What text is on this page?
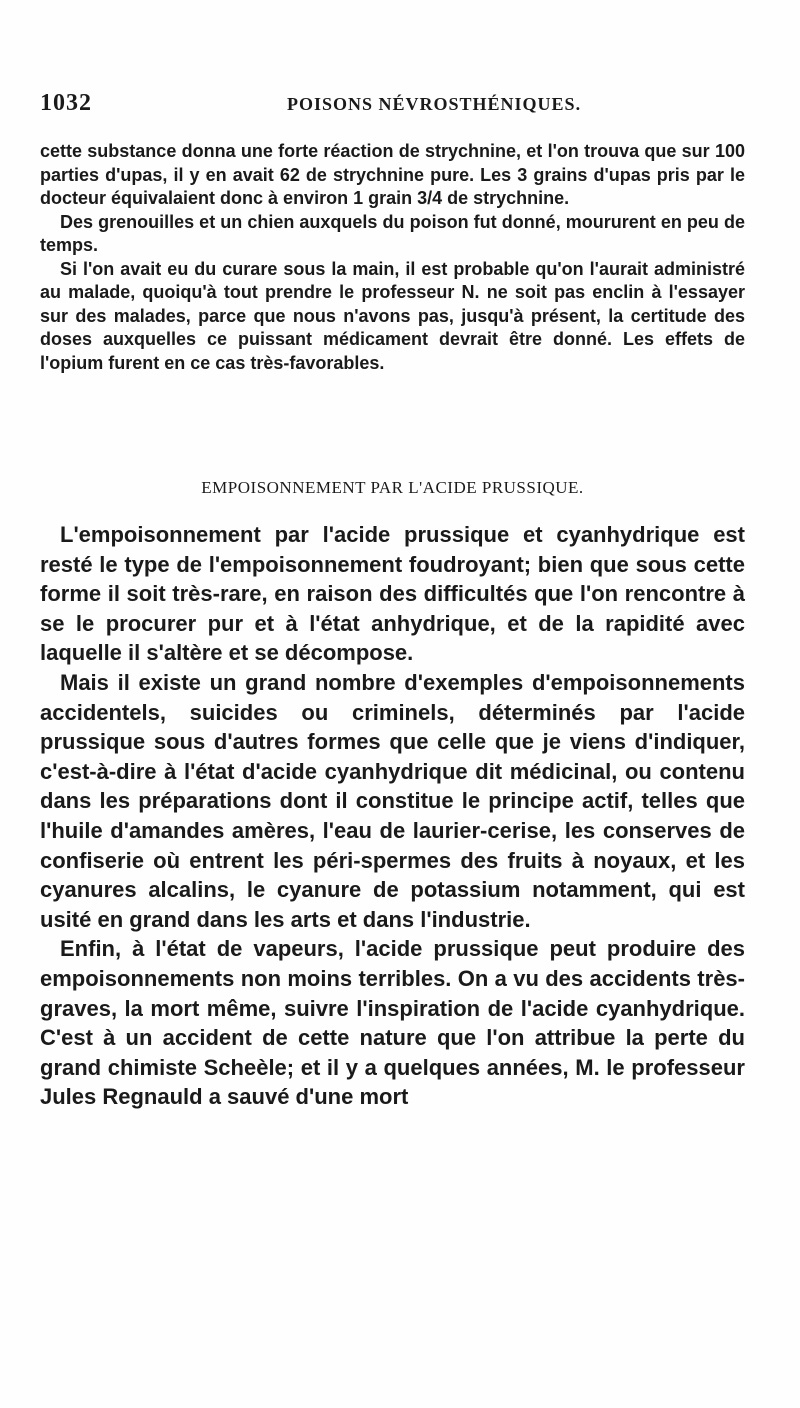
1032	POISONS NÉVROSTHÉNIQUES.

cette substance donna une forte réaction de strychnine, et l'on trouva que sur 100 parties d'upas, il y en avait 62 de strychnine pure. Les 3 grains d'upas pris par le docteur équivalaient donc à environ 1 grain 3/4 de strychnine.

Des grenouilles et un chien auxquels du poison fut donné, moururent en peu de temps.

Si l'on avait eu du curare sous la main, il est probable qu'on l'aurait administré au malade, quoiqu'à tout prendre le professeur N. ne soit pas enclin à l'essayer sur des malades, parce que nous n'avons pas, jusqu'à présent, la certitude des doses auxquelles ce puissant médicament devrait être donné. Les effets de l'opium furent en ce cas très-favorables.

EMPOISONNEMENT PAR L'ACIDE PRUSSIQUE.

L'empoisonnement par l'acide prussique et cyanhydrique est resté le type de l'empoisonnement foudroyant; bien que sous cette forme il soit très-rare, en raison des difficultés que l'on rencontre à se le procurer pur et à l'état anhydrique, et de la rapidité avec laquelle il s'altère et se décompose.

Mais il existe un grand nombre d'exemples d'empoisonnements accidentels, suicides ou criminels, déterminés par l'acide prussique sous d'autres formes que celle que je viens d'indiquer, c'est-à-dire à l'état d'acide cyanhydrique dit médicinal, ou contenu dans les préparations dont il constitue le principe actif, telles que l'huile d'amandes amères, l'eau de laurier-cerise, les conserves de confiserie où entrent les péri-spermes des fruits à noyaux, et les cyanures alcalins, le cyanure de potassium notamment, qui est usité en grand dans les arts et dans l'industrie.

Enfin, à l'état de vapeurs, l'acide prussique peut produire des empoisonnements non moins terribles. On a vu des accidents très-graves, la mort même, suivre l'inspiration de l'acide cyanhydrique. C'est à un accident de cette nature que l'on attribue la perte du grand chimiste Scheèle; et il y a quelques années, M. le professeur Jules Regnauld a sauvé d'une mort
